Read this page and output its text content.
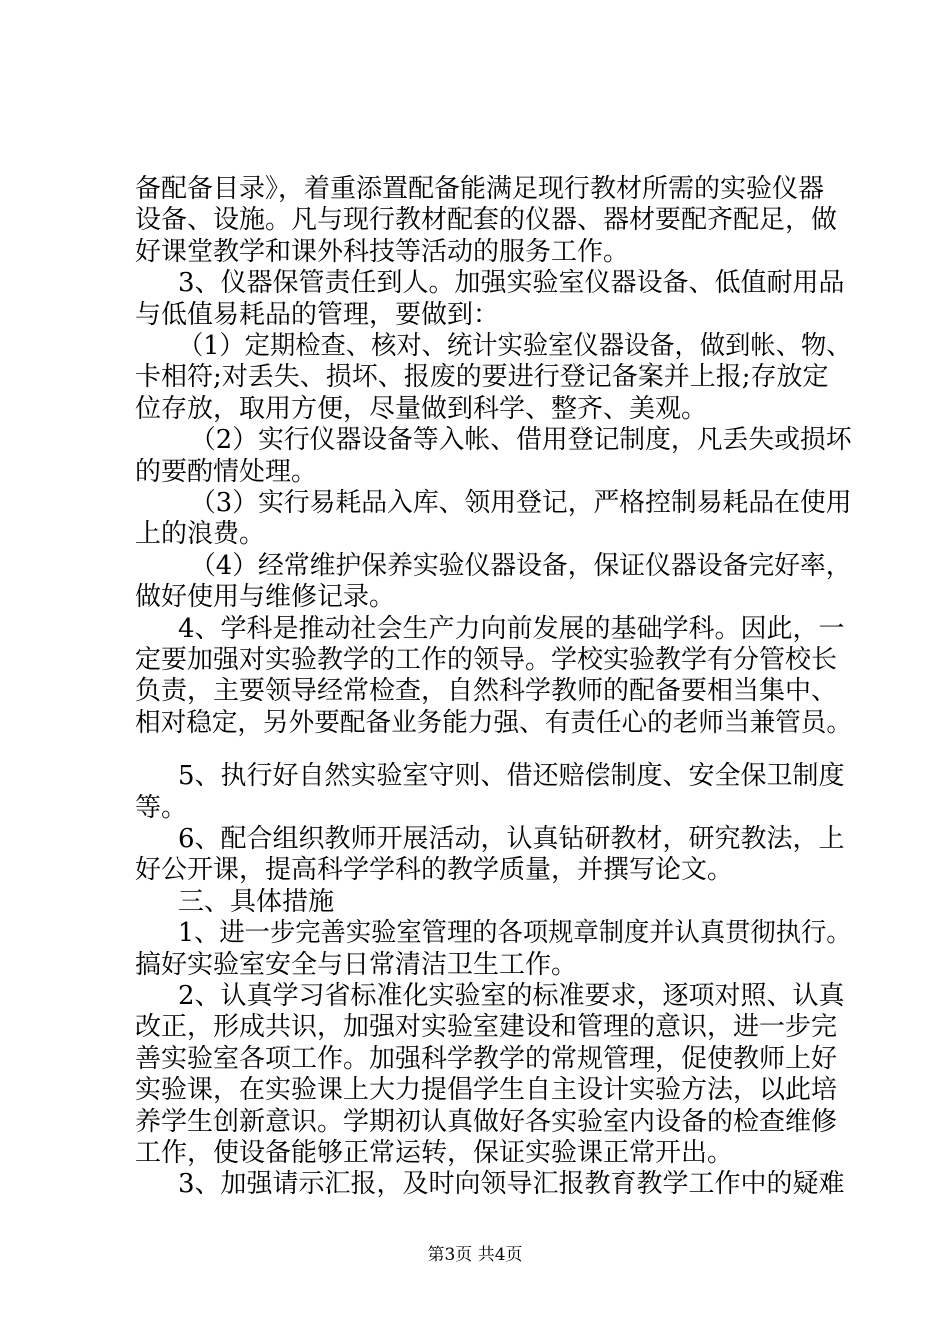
备配备目录》，着重添置配备能满足现行教材所需的实验仪器
设备、设施。凡与现行教材配套的仪器、器材要配齐配足，做
好课堂教学和课外科技等活动的服务工作。
3、仪器保管责任到人。加强实验室仪器设备、低值耐用品
与低值易耗品的管理，要做到：
（1）定期检查、核对、统计实验室仪器设备，做到帐、物、
卡相符;对丢失、损坏、报废的要进行登记备案并上报;存放定
位存放，取用方便，尽量做到科学、整齐、美观。
（2）实行仪器设备等入帐、借用登记制度，凡丢失或损坏
的要酌情处理。
（3）实行易耗品入库、领用登记，严格控制易耗品在使用
上的浪费。
（4）经常维护保养实验仪器设备，保证仪器设备完好率，
做好使用与维修记录。
4、学科是推动社会生产力向前发展的基础学科。因此，一
定要加强对实验教学的工作的领导。学校实验教学有分管校长
负责，主要领导经常检查，自然科学教师的配备要相当集中、
相对稳定，另外要配备业务能力强、有责任心的老师当兼管员。
5、执行好自然实验室守则、借还赔偿制度、安全保卫制度
等。
6、配合组织教师开展活动，认真钻研教材，研究教法，上
好公开课，提高科学学科的教学质量，并撰写论文。
三、具体措施
1、进一步完善实验室管理的各项规章制度并认真贯彻执行。
搞好实验室安全与日常清洁卫生工作。
2、认真学习省标准化实验室的标准要求，逐项对照、认真
改正，形成共识，加强对实验室建设和管理的意识，进一步完
善实验室各项工作。加强科学教学的常规管理，促使教师上好
实验课，在实验课上大力提倡学生自主设计实验方法，以此培
养学生创新意识。学期初认真做好各实验室内设备的检查维修
工作，使设备能够正常运转，保证实验课正常开出。
3、加强请示汇报，及时向领导汇报教育教学工作中的疑难
第3页 共4页
